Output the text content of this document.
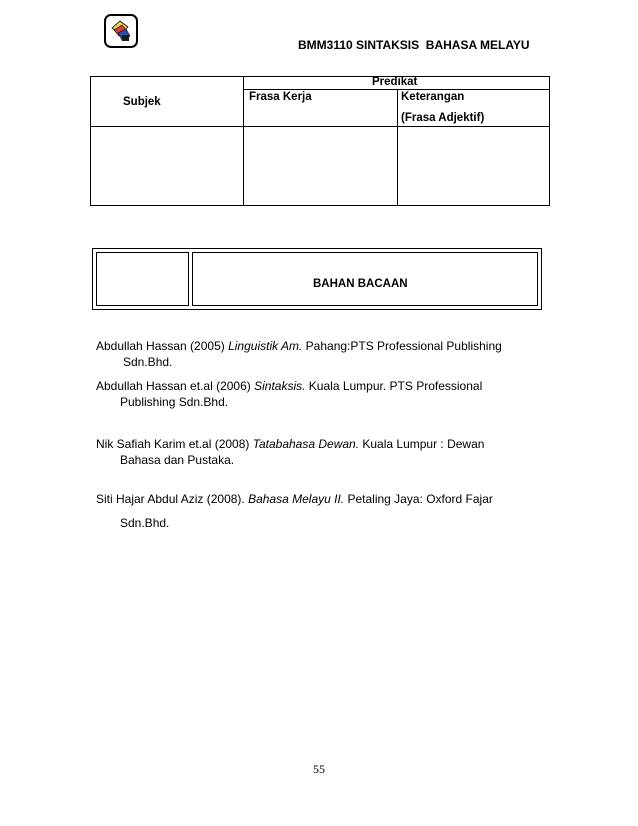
BMM3110 SINTAKSIS  BAHASA MELAYU
Subjek
Predikat
Frasa Kerja	Keterangan
(Frasa Adjektif)
BAHAN BACAAN
Abdullah Hassan (2005) Linguistik Am. Pahang:PTS Professional Publishing
Sdn.Bhd.
Abdullah Hassan et.al (2006) Sintaksis. Kuala Lumpur. PTS Professional
Publishing Sdn.Bhd.
Nik Safiah Karim et.al (2008) Tatabahasa Dewan. Kuala Lumpur : Dewan
Bahasa dan Pustaka.
Siti Hajar Abdul Aziz (2008). Bahasa Melayu II. Petaling Jaya: Oxford Fajar
Sdn.Bhd.
55
